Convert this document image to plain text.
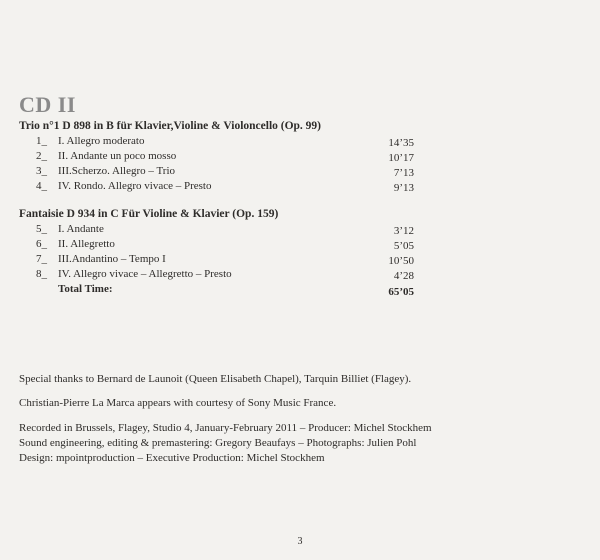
CD II
Trio n°1 D 898 in B für Klavier,Violine & Violoncello (Op. 99)
1_ I. Allegro moderato	14’35
2_ II. Andante un poco mosso	10’17
3_ III.Scherzo. Allegro – Trio	7’13
4_ IV. Rondo. Allegro vivace – Presto	9’13
Fantaisie D 934 in C Für Violine & Klavier (Op. 159)
5_ I. Andante	3’12
6_ II. Allegretto	5’05
7_ III.Andantino – Tempo I	10’50
8_ IV. Allegro vivace – Allegretto – Presto	4’28
Total Time:	65’05
Special thanks to Bernard de Launoit (Queen Elisabeth Chapel), Tarquin Billiet (Flagey).
Christian-Pierre La Marca appears with courtesy of Sony Music France.
Recorded in Brussels, Flagey, Studio 4, January-February 2011 – Producer: Michel Stockhem
Sound engineering, editing & premastering: Gregory Beaufays – Photographs: Julien Pohl
Design: mpointproduction – Executive Production: Michel Stockhem
3
